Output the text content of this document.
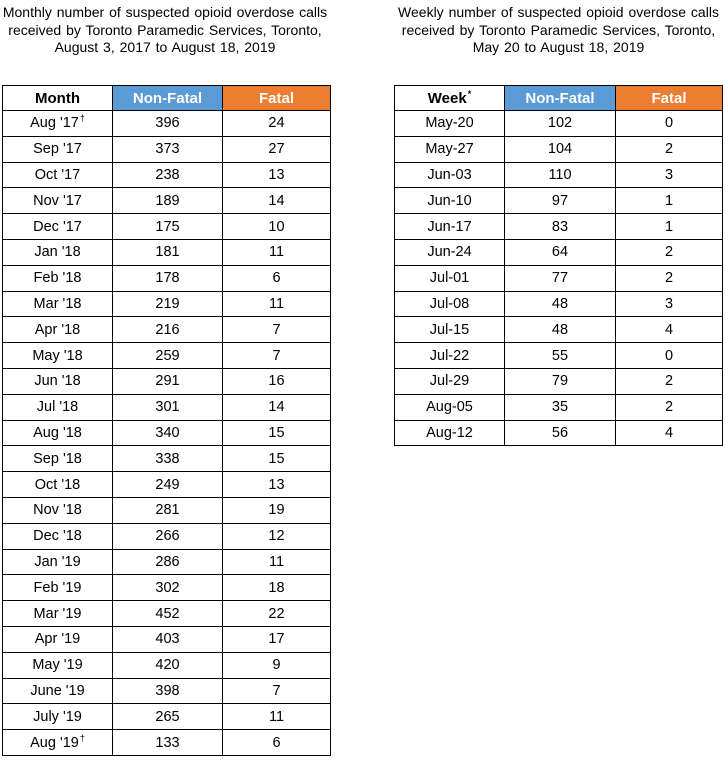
Monthly number of suspected opioid overdose calls received by Toronto Paramedic Services, Toronto, August 3, 2017 to August 18, 2019
Month	Non-Fatal	Fatal
Aug '17†	396	24
Sep '17	373	27
Oct '17	238	13
Nov '17	189	14
Dec '17	175	10
Jan '18	181	11
Feb '18	178	6
Mar '18	219	11
Apr '18	216	7
May '18	259	7
Jun '18	291	16
Jul '18	301	14
Aug '18	340	15
Sep '18	338	15
Oct '18	249	13
Nov '18	281	19
Dec '18	266	12
Jan '19	286	11
Feb '19	302	18
Mar '19	452	22
Apr '19	403	17
May '19	420	9
June '19	398	7
July '19	265	11
Aug '19†	133	6
Weekly number of suspected opioid overdose calls received by Toronto Paramedic Services, Toronto, May 20 to August 18, 2019
Week*	Non-Fatal	Fatal
May-20	102	0
May-27	104	2
Jun-03	110	3
Jun-10	97	1
Jun-17	83	1
Jun-24	64	2
Jul-01	77	2
Jul-08	48	3
Jul-15	48	4
Jul-22	55	0
Jul-29	79	2
Aug-05	35	2
Aug-12	56	4
